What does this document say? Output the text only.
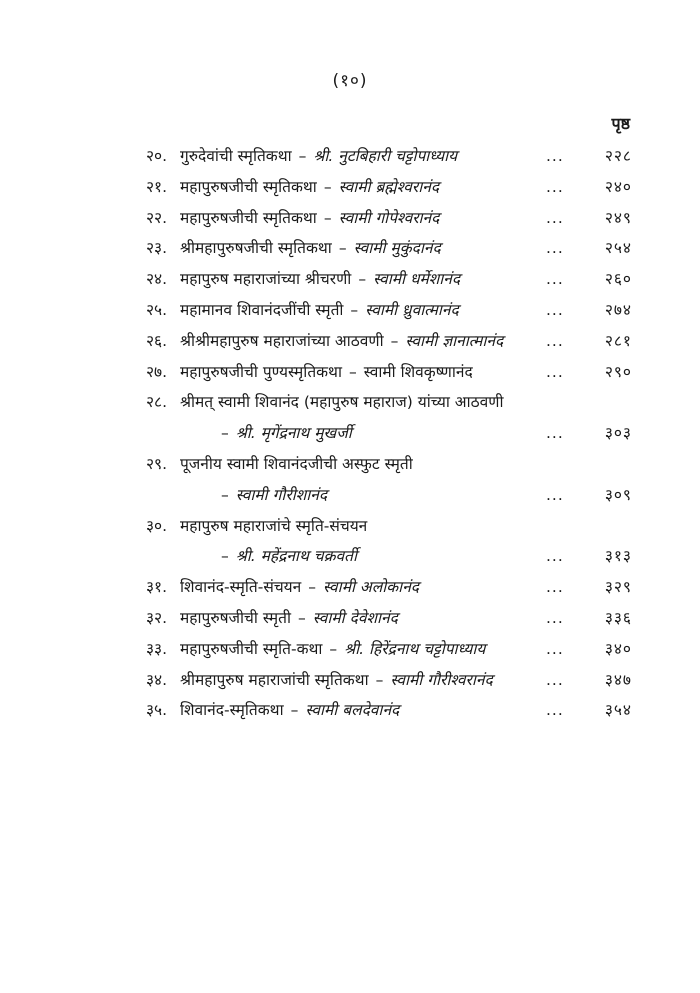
(१०)
पृष्ठ
२०. गुरुदेवांची स्मृतिकथा – श्री. नुटबिहारी चट्टोपाध्याय	...	२२८
२१. महापुरुषजीची स्मृतिकथा – स्वामी ब्रह्मेश्वरानंद	...	२४०
२२. महापुरुषजीची स्मृतिकथा – स्वामी गोपेश्वरानंद	...	२४९
२३. श्रीमहापुरुषजीची स्मृतिकथा – स्वामी मुकुंदानंद	...	२५४
२४. महापुरुष महाराजांच्या श्रीचरणी – स्वामी धर्मेशानंद	...	२६०
२५. महामानव शिवानंदजींची स्मृती – स्वामी ध्रुवात्मानंद	...	२७४
२६. श्रीश्रीमहापुरुष महाराजांच्या आठवणी – स्वामी ज्ञानात्मानंद	...	२८१
२७. महापुरुषजीची पुण्यस्मृतिकथा – स्वामी शिवकृष्णानंद	...	२९०
२८. श्रीमत् स्वामी शिवानंद (महापुरुष महाराज) यांच्या आठवणी
– श्री. मृगेंद्रनाथ मुखर्जी	...	३०३
२९. पूजनीय स्वामी शिवानंदजीची अस्फुट स्मृती
– स्वामी गौरीशानंद	...	३०९
३०. महापुरुष महाराजांचे स्मृति-संचयन
– श्री. महेंद्रनाथ चक्रवर्ती	...	३१३
३१. शिवानंद-स्मृति-संचयन – स्वामी अलोकानंद	...	३२९
३२. महापुरुषजीची स्मृती – स्वामी देवेशानंद	...	३३६
३३. महापुरुषजीची स्मृति-कथा – श्री. हिरेंद्रनाथ चट्टोपाध्याय	...	३४०
३४. श्रीमहापुरुष महाराजांची स्मृतिकथा – स्वामी गौरीश्वरानंद	...	३४७
३५. शिवानंद-स्मृतिकथा – स्वामी बलदेवानंद	...	३५४
